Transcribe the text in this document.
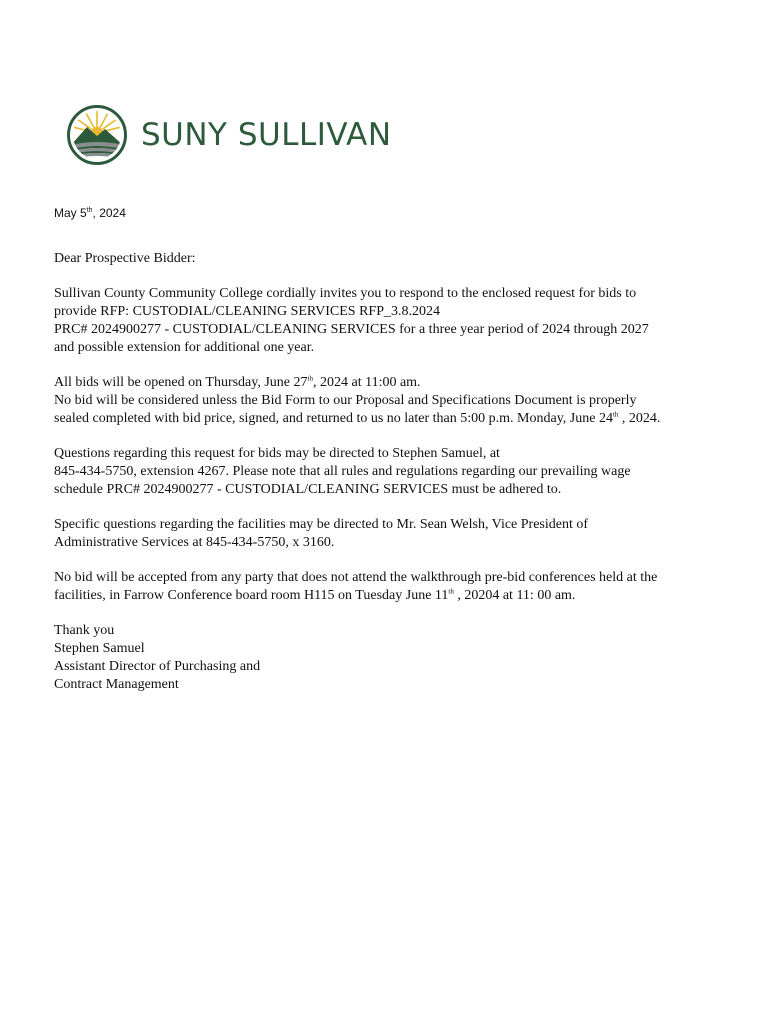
SUNY SULLIVAN
May 5th, 2024

Dear Prospective Bidder:

Sullivan County Community College cordially invites you to respond to the enclosed request for bids to
provide RFP: CUSTODIAL/CLEANING SERVICES RFP_3.8.2024
PRC# 2024900277 - CUSTODIAL/CLEANING SERVICES for a three year period of 2024 through 2027
and possible extension for additional one year.

All bids will be opened on Thursday, June 27th, 2024 at 11:00 am.
No bid will be considered unless the Bid Form to our Proposal and Specifications Document is properly
sealed completed with bid price, signed, and returned to us no later than 5:00 p.m. Monday, June 24th , 2024.

Questions regarding this request for bids may be directed to Stephen Samuel, at
845-434-5750, extension 4267. Please note that all rules and regulations regarding our prevailing wage
schedule PRC# 2024900277 - CUSTODIAL/CLEANING SERVICES must be adhered to.

Specific questions regarding the facilities may be directed to Mr. Sean Welsh, Vice President of
Administrative Services at 845-434-5750, x 3160.

No bid will be accepted from any party that does not attend the walkthrough pre-bid conferences held at the
facilities, in Farrow Conference board room H115 on Tuesday June 11th , 20204 at 11: 00 am.

Thank you
Stephen Samuel
Assistant Director of Purchasing and
Contract Management
